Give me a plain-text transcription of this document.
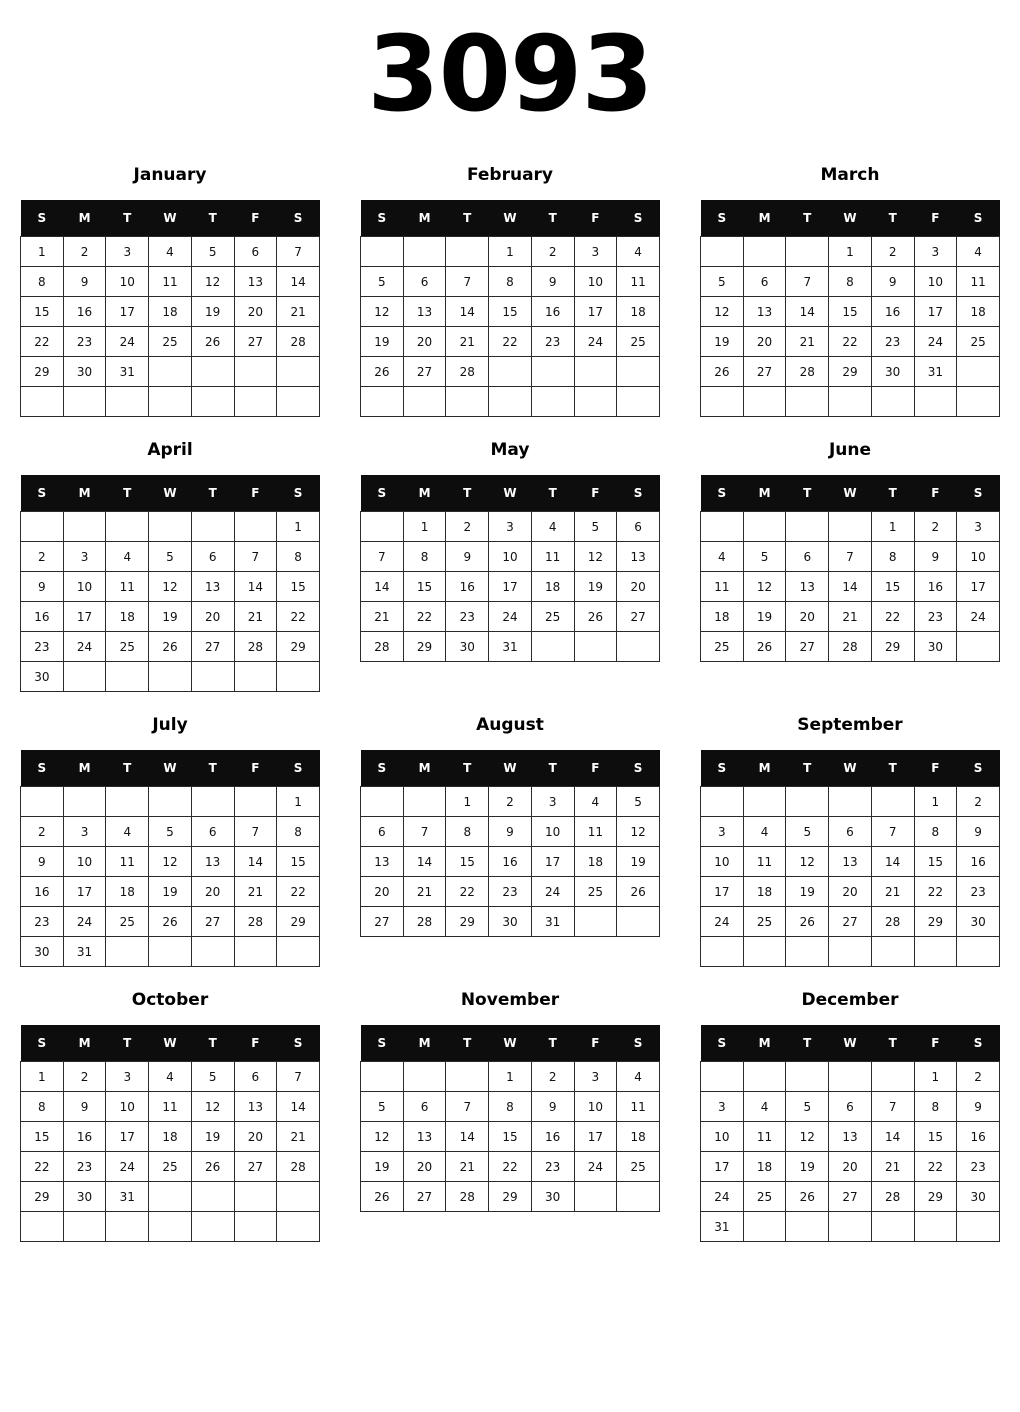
3093
January
S	M	T	W	T	F	S
1	2	3	4	5	6	7
8	9	10	11	12	13	14
15	16	17	18	19	20	21
22	23	24	25	26	27	28
29	30	31				

February
S	M	T	W	T	F	S
			1	2	3	4
5	6	7	8	9	10	11
12	13	14	15	16	17	18
19	20	21	22	23	24	25
26	27	28				

March
S	M	T	W	T	F	S
			1	2	3	4
5	6	7	8	9	10	11
12	13	14	15	16	17	18
19	20	21	22	23	24	25
26	27	28	29	30	31	

April
S	M	T	W	T	F	S
						1
2	3	4	5	6	7	8
9	10	11	12	13	14	15
16	17	18	19	20	21	22
23	24	25	26	27	28	29
30						
May
S	M	T	W	T	F	S
	1	2	3	4	5	6
7	8	9	10	11	12	13
14	15	16	17	18	19	20
21	22	23	24	25	26	27
28	29	30	31			
June
S	M	T	W	T	F	S
				1	2	3
4	5	6	7	8	9	10
11	12	13	14	15	16	17
18	19	20	21	22	23	24
25	26	27	28	29	30	
July
S	M	T	W	T	F	S
						1
2	3	4	5	6	7	8
9	10	11	12	13	14	15
16	17	18	19	20	21	22
23	24	25	26	27	28	29
30	31					
August
S	M	T	W	T	F	S
		1	2	3	4	5
6	7	8	9	10	11	12
13	14	15	16	17	18	19
20	21	22	23	24	25	26
27	28	29	30	31		
September
S	M	T	W	T	F	S
					1	2
3	4	5	6	7	8	9
10	11	12	13	14	15	16
17	18	19	20	21	22	23
24	25	26	27	28	29	30

October
S	M	T	W	T	F	S
1	2	3	4	5	6	7
8	9	10	11	12	13	14
15	16	17	18	19	20	21
22	23	24	25	26	27	28
29	30	31				

November
S	M	T	W	T	F	S
			1	2	3	4
5	6	7	8	9	10	11
12	13	14	15	16	17	18
19	20	21	22	23	24	25
26	27	28	29	30		
December
S	M	T	W	T	F	S
					1	2
3	4	5	6	7	8	9
10	11	12	13	14	15	16
17	18	19	20	21	22	23
24	25	26	27	28	29	30
31						
